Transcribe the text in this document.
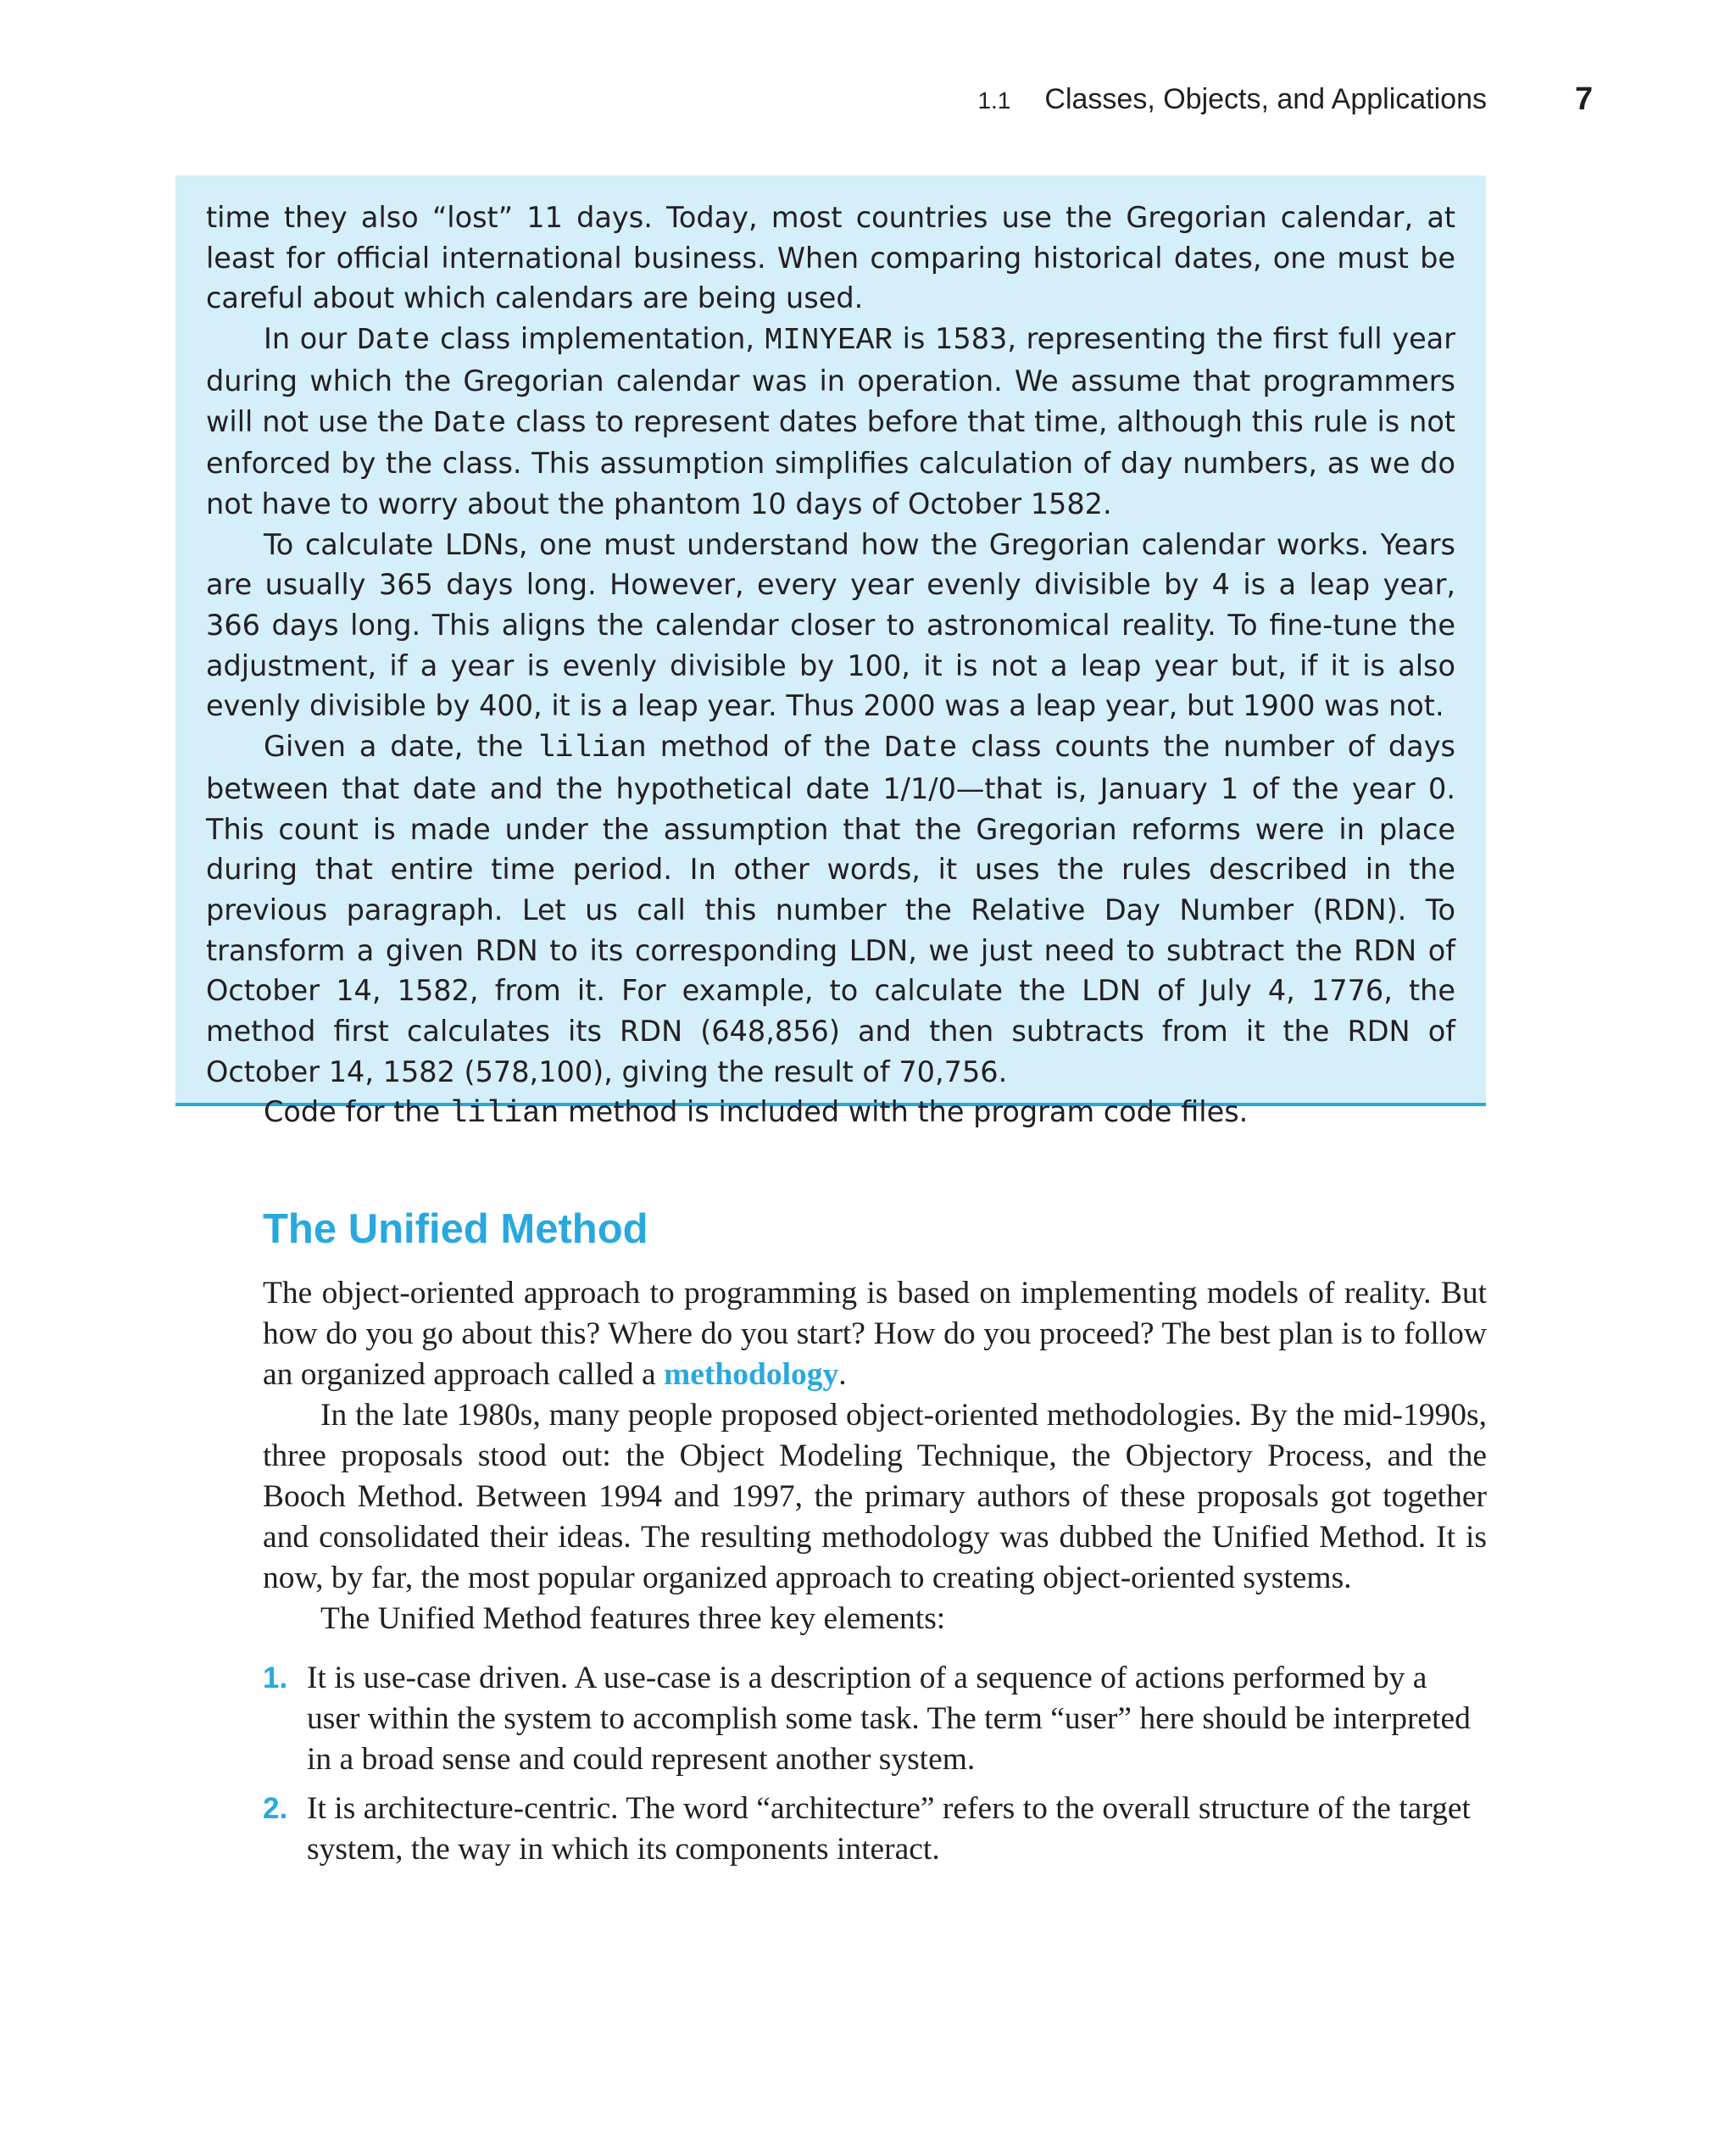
1.1 Classes, Objects, and Applications	7

time they also “lost” 11 days. Today, most countries use the Gregorian calendar, at least for official international business. When comparing historical dates, one must be careful about which calendars are being used.

In our Date class implementation, MINYEAR is 1583, representing the first full year during which the Gregorian calendar was in operation. We assume that programmers will not use the Date class to represent dates before that time, although this rule is not enforced by the class. This assumption simplifies calculation of day numbers, as we do not have to worry about the phantom 10 days of October 1582.

To calculate LDNs, one must understand how the Gregorian calendar works. Years are usually 365 days long. However, every year evenly divisible by 4 is a leap year, 366 days long. This aligns the calendar closer to astronomical reality. To fine-tune the adjustment, if a year is evenly divisible by 100, it is not a leap year but, if it is also evenly divisible by 400, it is a leap year. Thus 2000 was a leap year, but 1900 was not.

Given a date, the lilian method of the Date class counts the number of days between that date and the hypothetical date 1/1/0—that is, January 1 of the year 0. This count is made under the assumption that the Gregorian reforms were in place during that entire time period. In other words, it uses the rules described in the previous paragraph. Let us call this number the Relative Day Number (RDN). To transform a given RDN to its corresponding LDN, we just need to subtract the RDN of October 14, 1582, from it. For example, to calculate the LDN of July 4, 1776, the method first calculates its RDN (648,856) and then subtracts from it the RDN of October 14, 1582 (578,100), giving the result of 70,756.

Code for the lilian method is included with the program code files.

The Unified Method

The object-oriented approach to programming is based on implementing models of reality. But how do you go about this? Where do you start? How do you proceed? The best plan is to follow an organized approach called a methodology.

In the late 1980s, many people proposed object-oriented methodologies. By the mid-1990s, three proposals stood out: the Object Modeling Technique, the Objectory Process, and the Booch Method. Between 1994 and 1997, the primary authors of these proposals got together and consolidated their ideas. The resulting methodology was dubbed the Unified Method. It is now, by far, the most popular organized approach to creating object-oriented systems.

The Unified Method features three key elements:

1. It is use-case driven. A use-case is a description of a sequence of actions performed by a user within the system to accomplish some task. The term “user” here should be interpreted in a broad sense and could represent another system.
2. It is architecture-centric. The word “architecture” refers to the overall structure of the target system, the way in which its components interact.
